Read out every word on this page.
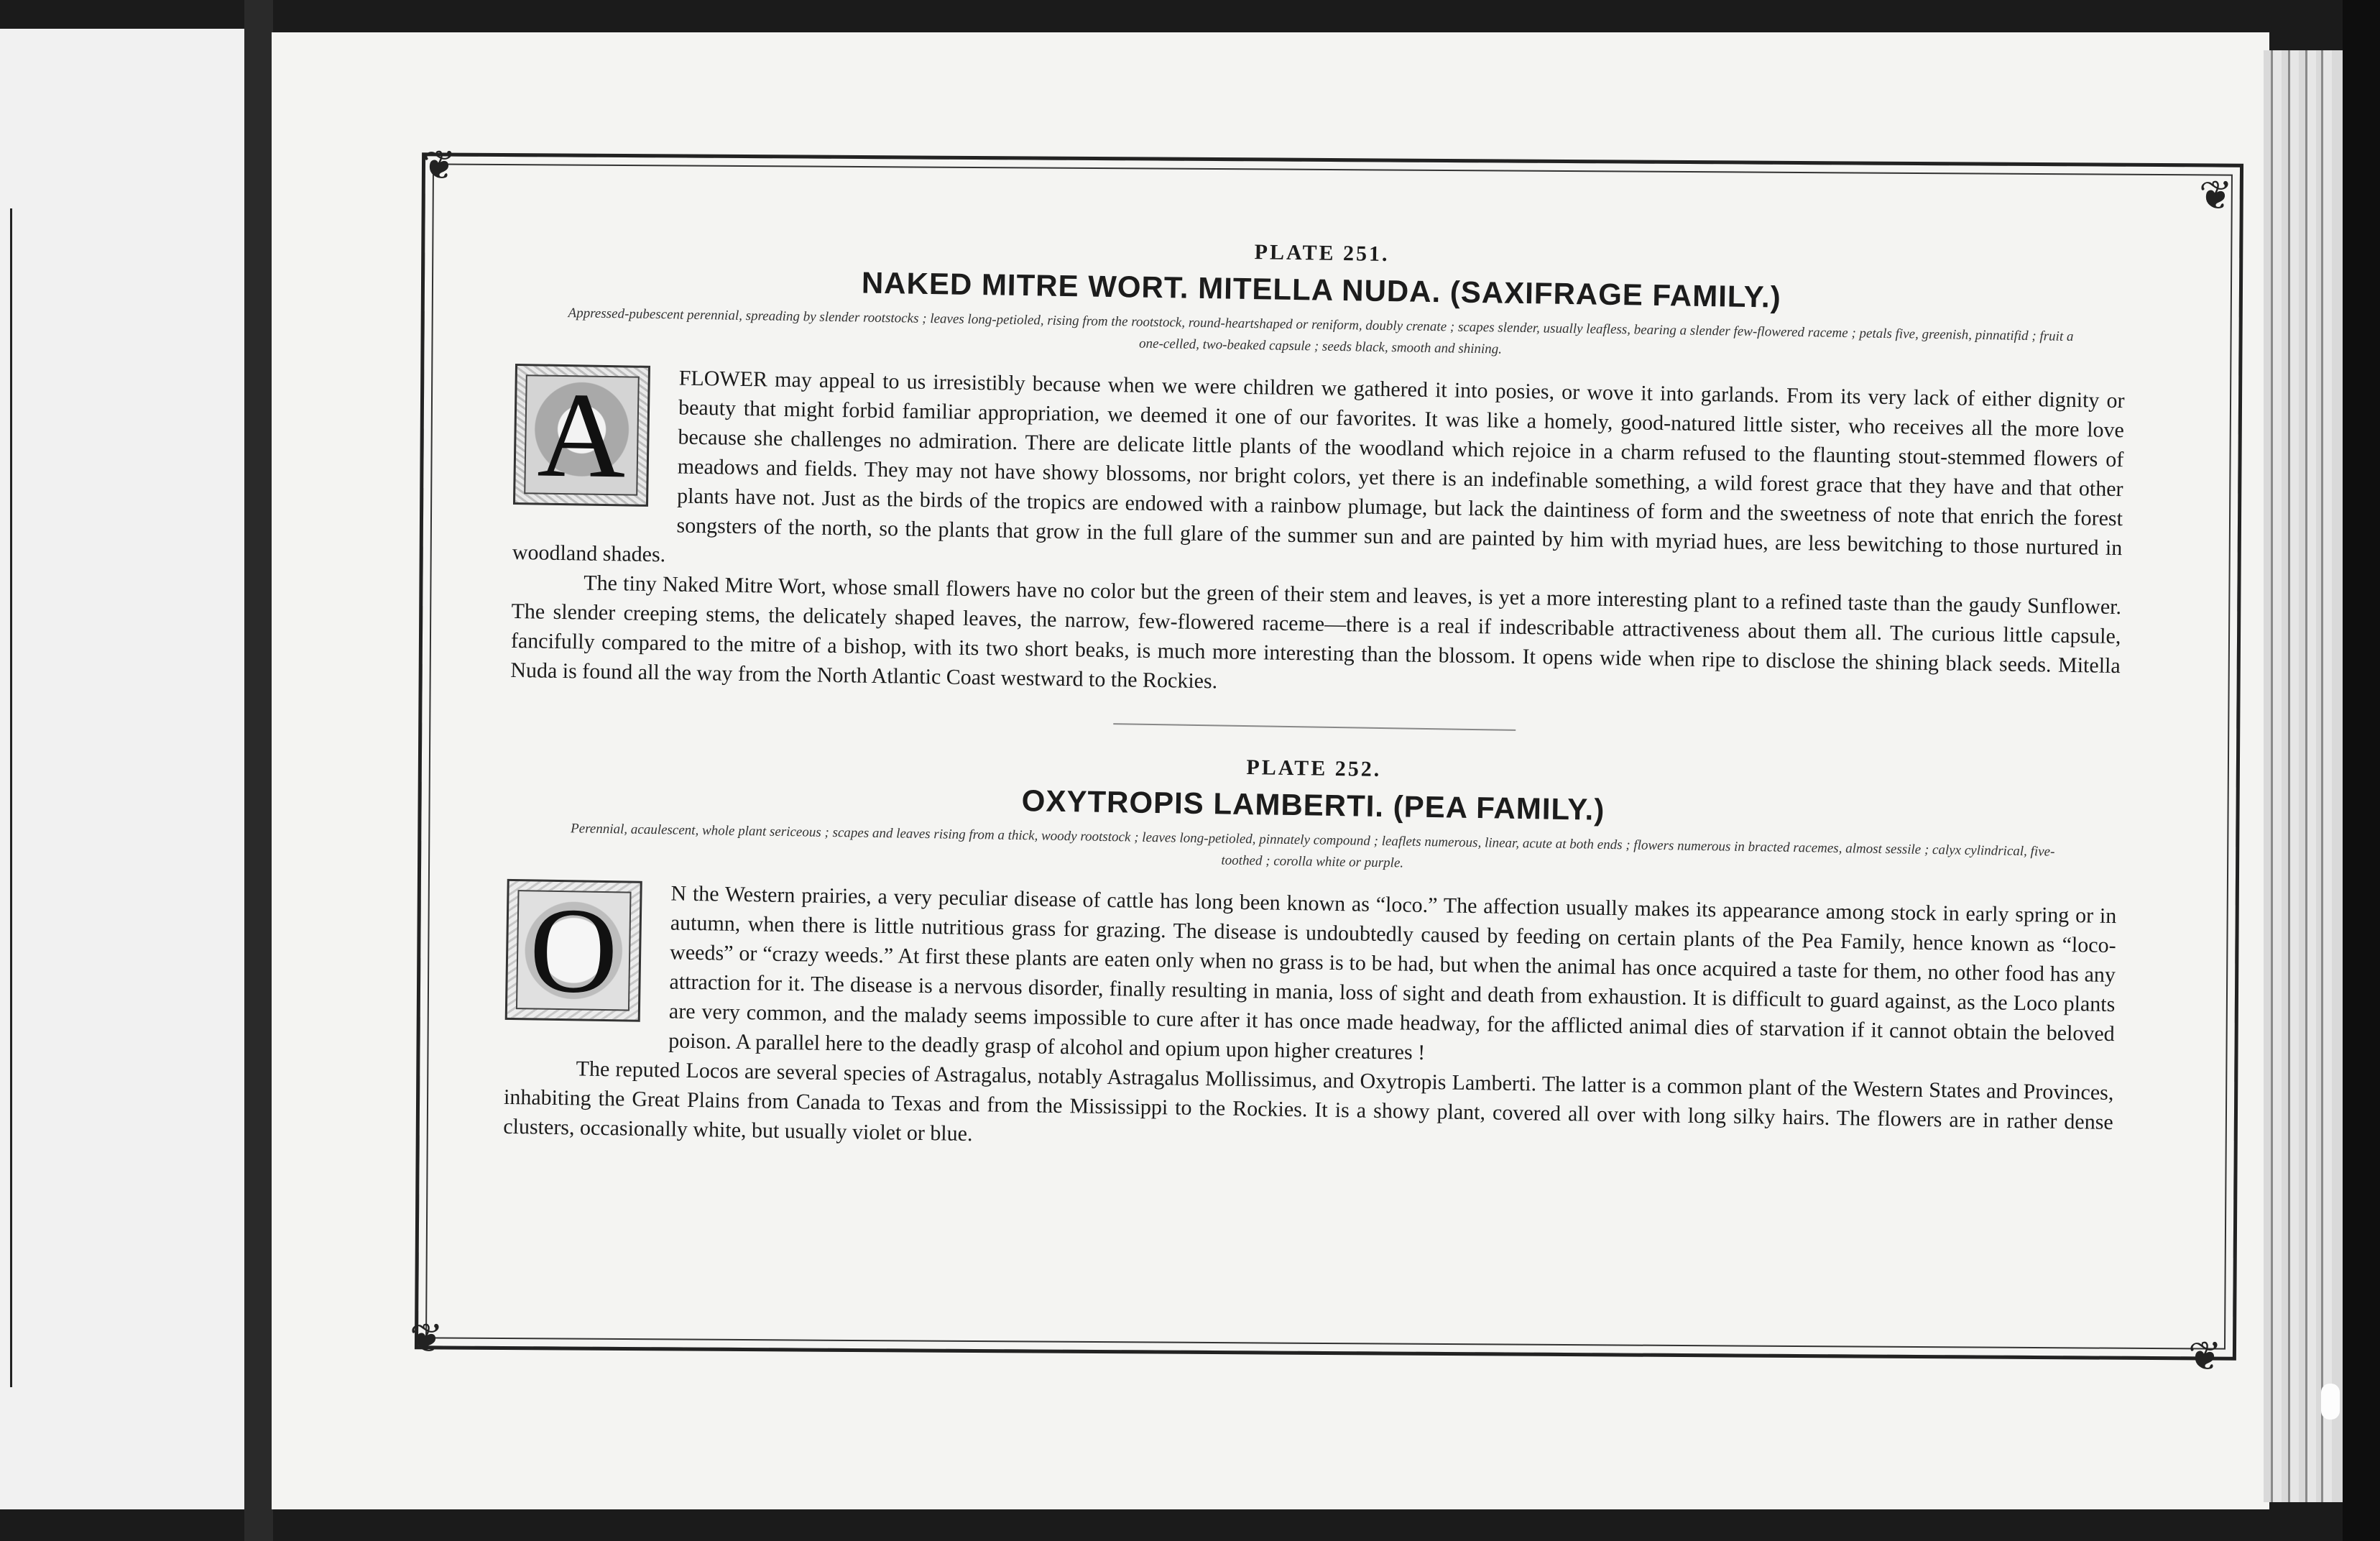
❦
❦
❦	❦
PLATE 251.
NAKED MITRE WORT. MITELLA NUDA. (SAXIFRAGE FAMILY.)

Appressed-pubescent perennial, spreading by slender rootstocks ; leaves long-petioled, rising from the rootstock, round-heartshaped or reniform, doubly crenate ; scapes slender, usually leafless, bearing a slender few-flowered raceme ; petals five, greenish, pinnatifid ; fruit a one-celled, two-beaked capsule ; seeds black, smooth and shining.

A	FLOWER may appeal to us irresistibly because when we were children we gathered it into posies, or wove it into garlands. From its very lack of either dignity or beauty that might forbid familiar appropriation, we deemed it one of our favorites. It was like a homely, good-natured little sister, who receives all the more love because she challenges no admiration. There are delicate little plants of the woodland which rejoice in a charm refused to the flaunting stout-stemmed flowers of meadows and fields. They may not have showy blossoms, nor bright colors, yet there is an indefinable something, a wild forest grace that they have and that other plants have not. Just as the birds of the tropics are endowed with a rainbow plumage, but lack the daintiness of form and the sweetness of note that enrich the forest songsters of the north, so the plants that grow in the full glare of the summer sun and are painted by him with myriad hues, are less bewitching to those nurtured in woodland shades.

The tiny Naked Mitre Wort, whose small flowers have no color but the green of their stem and leaves, is yet a more interesting plant to a refined taste than the gaudy Sunflower. The slender creeping stems, the delicately shaped leaves, the narrow, few-flowered raceme—there is a real if indescribable attractiveness about them all. The curious little capsule, fancifully compared to the mitre of a bishop, with its two short beaks, is much more interesting than the blossom. It opens wide when ripe to disclose the shining black seeds. Mitella Nuda is found all the way from the North Atlantic Coast westward to the Rockies.

PLATE 252.
OXYTROPIS LAMBERTI. (PEA FAMILY.)

Perennial, acaulescent, whole plant sericeous ; scapes and leaves rising from a thick, woody rootstock ; leaves long-petioled, pinnately compound ; leaflets numerous, linear, acute at both ends ; flowers numerous in bracted racemes, almost sessile ; calyx cylindrical, five-toothed ; corolla white or purple.

O	N the Western prairies, a very peculiar disease of cattle has long been known as “loco.” The affection usually makes its appearance among stock in early spring or in autumn, when there is little nutritious grass for grazing. The disease is undoubtedly caused by feeding on certain plants of the Pea Family, hence known as “loco-weeds” or “crazy weeds.” At first these plants are eaten only when no grass is to be had, but when the animal has once acquired a taste for them, no other food has any attraction for it. The disease is a nervous disorder, finally resulting in mania, loss of sight and death from exhaustion. It is difficult to guard against, as the Loco plants are very common, and the malady seems impossible to cure after it has once made headway, for the afflicted animal dies of starvation if it cannot obtain the beloved poison. A parallel here to the deadly grasp of alcohol and opium upon higher creatures !

The reputed Locos are several species of Astragalus, notably Astragalus Mollissimus, and Oxytropis Lamberti. The latter is a common plant of the Western States and Provinces, inhabiting the Great Plains from Canada to Texas and from the Mississippi to the Rockies. It is a showy plant, covered all over with long silky hairs. The flowers are in rather dense clusters, occasionally white, but usually violet or blue.
